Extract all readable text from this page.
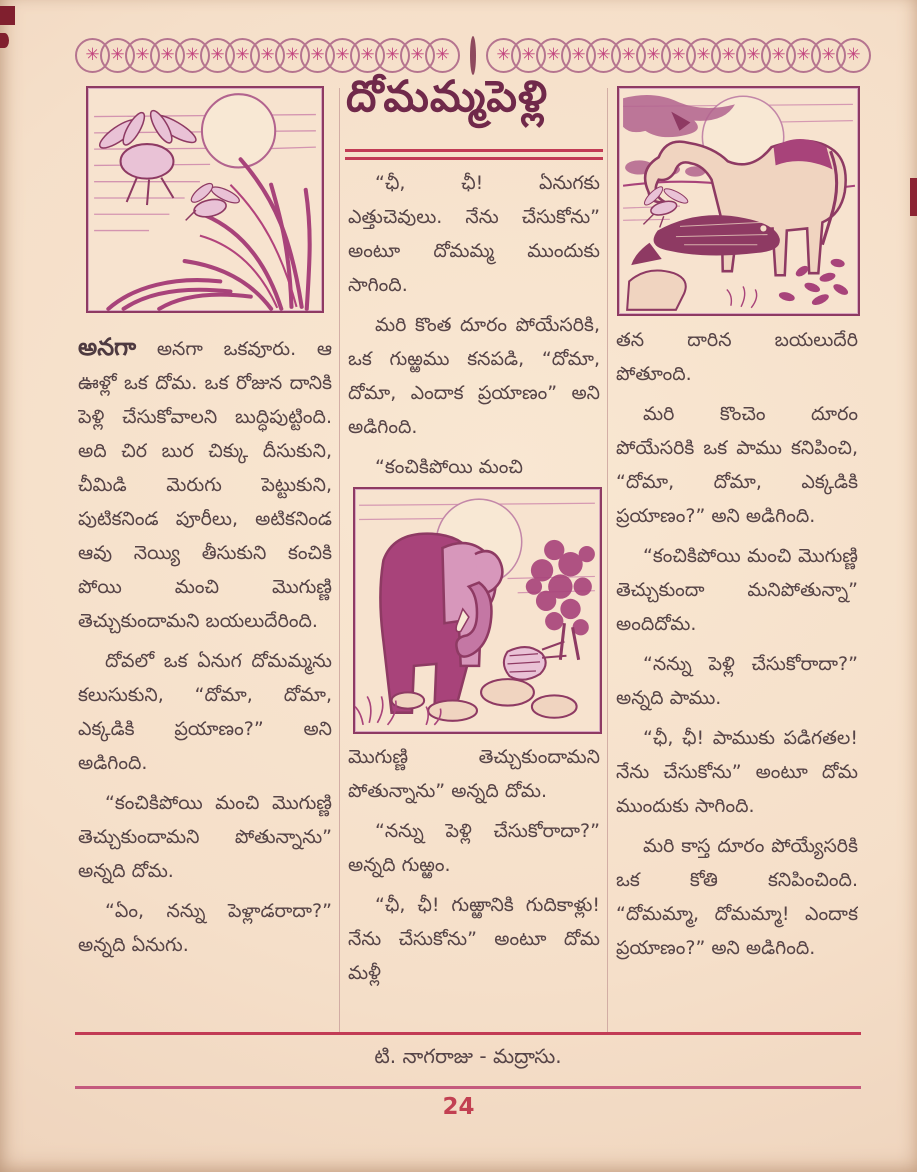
✳ ✳ ✳ ✳ ✳ ✳ ✳ ✳ ✳ ✳ ✳ ✳ ✳ ✳ ✳	✳ ✳ ✳ ✳ ✳ ✳ ✳ ✳ ✳ ✳ ✳ ✳ ✳ ✳ ✳
దోమమ్మపెళ్లి

అనగా అనగా ఒకవూరు. ఆ ఊళ్లో ఒక దోమ. ఒక రోజున దానికి పెళ్లి చేసుకోవాలని బుద్ధిపుట్టింది. అది చిర బుర చిక్కు దీసుకుని, చీమిడి మెరుగు పెట్టుకుని, పుటికనిండ పూరీలు, అటికనిండ ఆవు నెయ్యి తీసుకుని కంచికి పోయి మంచి మొగుణ్ణి తెచ్చుకుందామని బయలుదేరింది.

దోవలో ఒక ఏనుగ దోమమ్మను కలుసుకుని, “దోమా, దోమా, ఎక్కడికి ప్రయాణం?” అని అడిగింది.

“కంచికిపోయి మంచి మొగుణ్ణి తెచ్చుకుందామని పోతున్నాను” అన్నది దోమ.

“ఏం, నన్ను పెళ్లాడరాదా?” అన్నది ఏనుగు.

“ఛీ, ఛీ! ఏనుగకు ఎత్తుచెవులు. నేను చేసుకోను” అంటూ దోమమ్మ ముందుకు సాగింది.

మరి కొంత దూరం పోయేసరికి, ఒక గుఱ్ఱము కనపడి, “దోమా, దోమా, ఎందాక ప్రయాణం” అని అడిగింది.

“కంచికిపోయి మంచి

మొగుణ్ణి తెచ్చుకుందామని పోతున్నాను” అన్నది దోమ.

“నన్ను పెళ్లి చేసుకోరాదా?” అన్నది గుఱ్ఱం.

“ఛీ, ఛీ! గుఱ్ఱానికి గుదికాళ్లు! నేను చేసుకోను” అంటూ దోమ మళ్లీ

తన దారిన బయలుదేరి పోతూంది.

మరి కొంచెం దూరం పోయేసరికి ఒక పాము కనిపించి, “దోమా, దోమా, ఎక్కడికి ప్రయాణం?” అని అడిగింది.

“కంచికిపోయి మంచి మొగుణ్ణి తెచ్చుకుందా మనిపోతున్నా” అందిదోమ.

“నన్ను పెళ్లి చేసుకోరాదా?” అన్నది పాము.

“ఛీ, ఛీ! పాముకు పడిగతల! నేను చేసుకోను” అంటూ దోమ ముందుకు సాగింది.

మరి కాస్త దూరం పోయ్యేసరికి ఒక కోతి కనిపించింది. “దోమమ్మా, దోమమ్మా! ఎందాక ప్రయాణం?” అని అడిగింది.

టి. నాగరాజు - మద్రాసు.
24
